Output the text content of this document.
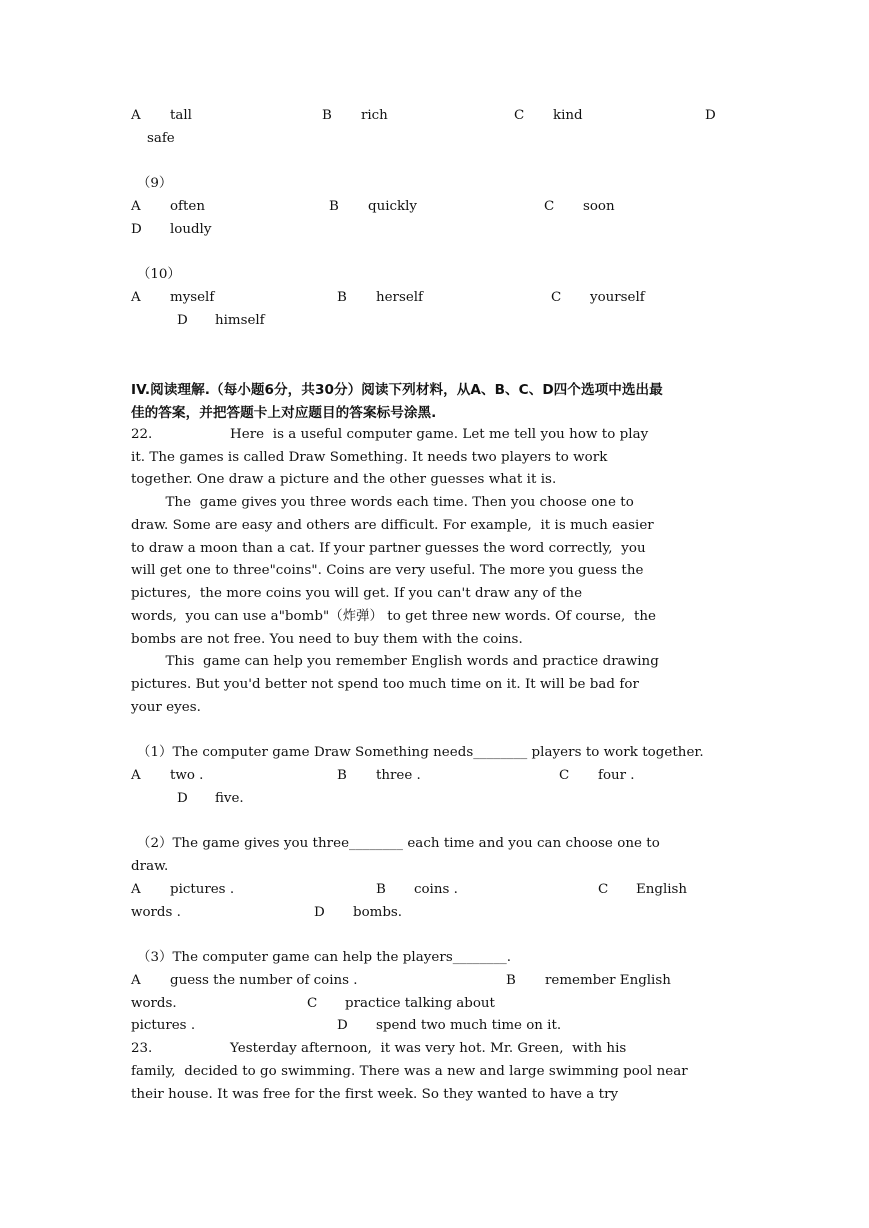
A tall	B rich	C kind	D
safe
（9）
A often	B quickly	C soon
D loudly
（10）
A myself	B herself	C yourself
D himself
IV.阅读理解.（每小题6分，共30分）阅读下列材料，从A、B、C、D四个选项中选出最
佳的答案，并把答题卡上对应题目的答案标号涂黑.
22.	Here  is a useful computer game. Let me tell you how to play
it. The games is called Draw Something. It needs two players to work
together. One draw a picture and the other guesses what it is.
The  game gives you three words each time. Then you choose one to
draw. Some are easy and others are difficult. For example,  it is much easier
to draw a moon than a cat. If your partner guesses the word correctly,  you
will get one to three"coins". Coins are very useful. The more you guess the
pictures,  the more coins you will get. If you can't draw any of the
words,  you can use a"bomb"（炸弹） to get three new words. Of course,  the
bombs are not free. You need to buy them with the coins.
This  game can help you remember English words and practice drawing
pictures. But you'd better not spend too much time on it. It will be bad for
your eyes.
（1）The computer game Draw Something needs________ players to work together.
A two .	B three .	C four .
D five.
（2）The game gives you three________ each time and you can choose one to
draw.
A pictures .	B coins .	C English
words .	D bombs.
（3）The computer game can help the players________.
A guess the number of coins .	B remember English
words.	C practice talking about
pictures .	D spend two much time on it.
23.	Yesterday afternoon,  it was very hot. Mr. Green,  with his
family,  decided to go swimming. There was a new and large swimming pool near
their house. It was free for the first week. So they wanted to have a try
